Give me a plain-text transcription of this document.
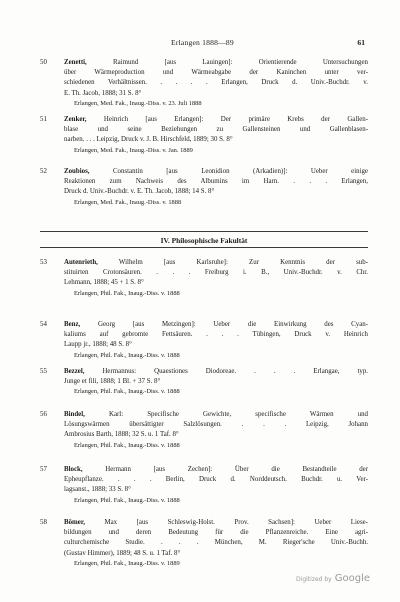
Erlangen 1888—89	61
50	Zenetti, Raimund [aus Lauingen]: Orientierende Untersuchungen
über Wärmeproduction und Wärmeabgabe der Kaninchen unter ver-
schiedenen Verhältnissen. . . . . Erlangen, Druck d. Univ.-Buchdr. v.
E. Th. Jacob, 1888; 31 S. 8°
Erlangen, Med. Fak., Inaug.-Diss. v. 23. Juli 1888
51	Zenker, Heinrich [aus Erlangen]: Der primäre Krebs der Gallen-
blase und seine Beziehungen zu Gallensteinen und Gallenblasen-
narben. . . . Leipzig, Druck v. J. B. Hirschfeld, 1889; 30 S. 8°
Erlangen, Med. Fak., Inaug.-Diss. v. Jan. 1889
52	Zoubios, Constantin [aus Leonidion (Arkadien)]: Ueber einige
Reaktionen zum Nachweis des Albumins im Harn. . . . Erlangen,
Druck d. Univ.-Buchdr. v. E. Th. Jacob, 1888; 14 S. 8°
Erlangen, Med. Fak., Inaug.-Diss. v. 1888
IV. Philosophische Fakultät
53	Autenrieth, Wilhelm [aus Karlsruhe]: Zur Kenntnis der sub-
stituirten Crotonsäuren. . . . Freiburg i. B., Univ.-Buchdr. v. Chr.
Lehmann, 1888; 45 + 1 S. 8°
Erlangen, Phil. Fak., Inaug.-Diss. v. 1888
54	Benz, Georg [aus Metzingen]: Ueber die Einwirkung des Cyan-
kaliums auf gebromte Fettsäuren. . . . Tübingen, Druck v. Heinrich
Laupp jr., 1888; 48 S. 8°
Erlangen, Phil. Fak., Inaug.-Diss. v. 1888
55	Bezzel, Hermannus: Quaestiones Diodoreae. . . . Erlangae, typ.
Junge et fili, 1888; 1 Bl. + 37 S. 8°
Erlangen, Phil. Fak., Inaug.-Diss. v. 1888
56	Bindel, Karl: Specifische Gewichte, specifische Wärmen und
Lösungswärmen übersättigter Salzlösungen. . . . Leipzig, Johann
Ambrosius Barth, 1888; 32 S. u. 1 Taf. 8°
Erlangen, Phil. Fak., Inaug.-Diss. v. 1888
57	Block, Hermann [aus Zechen]: Über die Bestandteile der
Epheupflanze. . . . Berlin, Druck d. Norddeutsch. Buchdr. u. Ver-
lagsanst., 1888; 33 S. 8°
Erlangen, Phil. Fak., Inaug.-Diss. v. 1888
58	Bömer, Max [aus Schleswig-Holst. Prov. Sachsen]: Ueber Liese-
bildungen und deren Bedeutung für die Pflanzenreiche. Eine agri-
culturchemische Studie. . . . München, M. Rieger'sche Univ.-Buchh.
(Gustav Himmer), 1889; 48 S. u. 1 Taf. 8°
Erlangen, Phil. Fak., Inaug.-Diss. v. 1889
Digitized by Google
